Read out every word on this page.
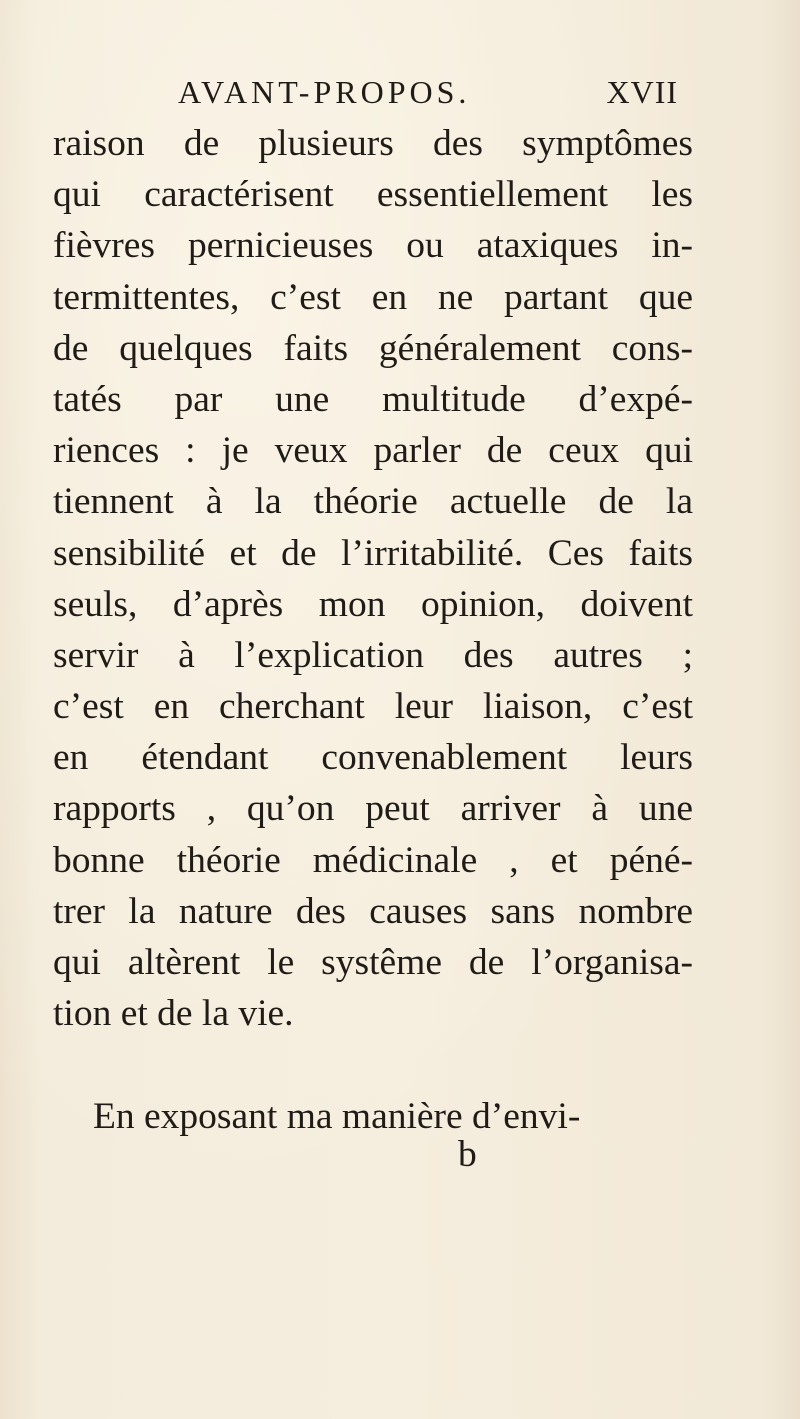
AVANT-PROPOS.	XVII
raison de plusieurs des symptômes
qui caractérisent essentiellement les
fièvres pernicieuses ou ataxiques in-
termittentes, c’est en ne partant que
de quelques faits généralement cons-
tatés par une multitude d’expé-
riences : je veux parler de ceux qui
tiennent à la théorie actuelle de la
sensibilité et de l’irritabilité. Ces faits
seuls, d’après mon opinion, doivent
servir à l’explication des autres ;
c’est en cherchant leur liaison, c’est
en étendant convenablement leurs
rapports , qu’on peut arriver à une
bonne théorie médicinale , et péné-
trer la nature des causes sans nombre
qui altèrent le systême de l’organisa-
tion et de la vie.
En exposant ma manière d’envi-
b
